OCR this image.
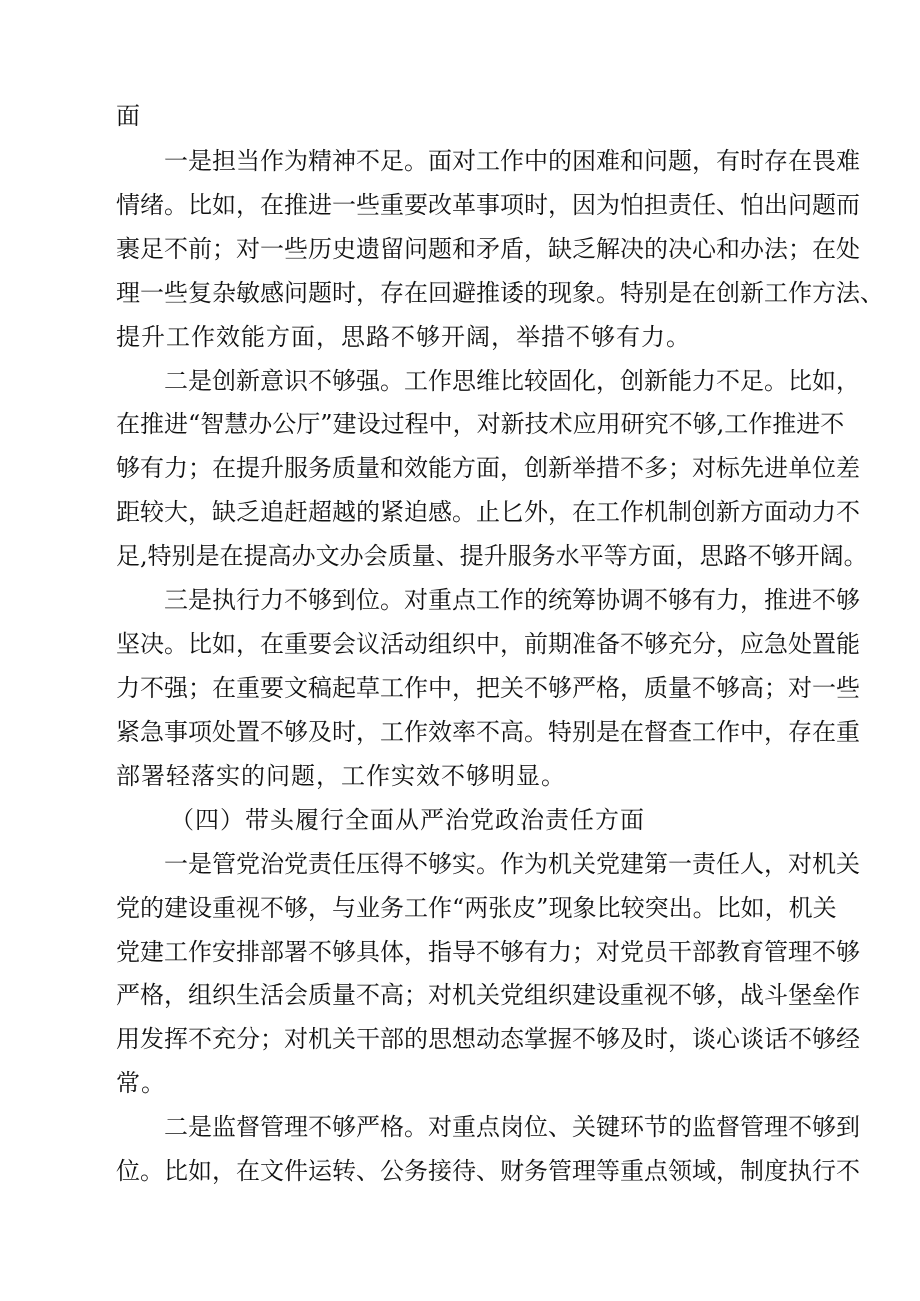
面
一 是 担 当 作 为 精 神 不 足 。 面 对 工 作 中 的 困 难 和 问 题 ， 有 时 存 在 畏 难
情 绪 。 比 如 ， 在 推 进 一 些 重 要 改 革 事 项 时 ， 因 为 怕 担 责 任 、 怕 出 问 题 而
裹 足 不 前 ； 对 一 些 历 史 遗 留 问 题 和 矛 盾 ， 缺 乏 解 决 的 决 心 和 办 法 ； 在 处
理 一 些 复 杂 敏 感 问 题 时 ， 存 在 回 避 推 诿 的 现 象 。 特 别 是 在 创 新 工 作 方 法 、
提升工作效能方面，思路不够开阔，举措不够有力。
二 是 创 新 意 识 不 够 强 。 工 作 思 维 比 较 固 化 ， 创 新 能 力 不 足 。 比 如 ，
在 推 进 “ 智 慧 办 公 厅 ” 建 设 过 程 中 ， 对 新 技 术 应 用 研 究 不 够 , 工 作 推 进 不
够 有 力 ； 在 提 升 服 务 质 量 和 效 能 方 面 ， 创 新 举 措 不 多 ； 对 标 先 进 单 位 差
距 较 大 ， 缺 乏 追 赶 超 越 的 紧 迫 感 。 止 匕 外 ， 在 工 作 机 制 创 新 方 面 动 力 不
足 , 特 别 是 在 提 高 办 文 办 会 质 量 、 提 升 服 务 水 平 等 方 面 ， 思 路 不 够 开 阔 。
三 是 执 行 力 不 够 到 位 。 对 重 点 工 作 的 统 筹 协 调 不 够 有 力 ， 推 进 不 够
坚 决 。 比 如 ， 在 重 要 会 议 活 动 组 织 中 ， 前 期 准 备 不 够 充 分 ， 应 急 处 置 能
力 不 强 ； 在 重 要 文 稿 起 草 工 作 中 ， 把 关 不 够 严 格 ， 质 量 不 够 高 ； 对 一 些
紧 急 事 项 处 置 不 够 及 时 ， 工 作 效 率 不 高 。 特 别 是 在 督 查 工 作 中 ， 存 在 重
部署轻落实的问题，工作实效不够明显。
（四）带头履行全面从严治党政治责任方面
一 是 管 党 治 党 责 任 压 得 不 够 实 。 作 为 机 关 党 建 第 一 责 任 人 ， 对 机 关
党 的 建 设 重 视 不 够 ， 与 业 务 工 作 “ 两 张 皮 ” 现 象 比 较 突 出 。 比 如 ， 机 关
党 建 工 作 安 排 部 署 不 够 具 体 ， 指 导 不 够 有 力 ； 对 党 员 干 部 教 育 管 理 不 够
严 格 ， 组 织 生 活 会 质 量 不 高 ； 对 机 关 党 组 织 建 设 重 视 不 够 ， 战 斗 堡 垒 作
用 发 挥 不 充 分 ； 对 机 关 干 部 的 思 想 动 态 掌 握 不 够 及 时 ， 谈 心 谈 话 不 够 经
常。
二 是 监 督 管 理 不 够 严 格 。 对 重 点 岗 位 、 关 键 环 节 的 监 督 管 理 不 够 到
位 。 比 如 ， 在 文 件 运 转 、 公 务 接 待 、 财 务 管 理 等 重 点 领 域 ， 制 度 执 行 不
